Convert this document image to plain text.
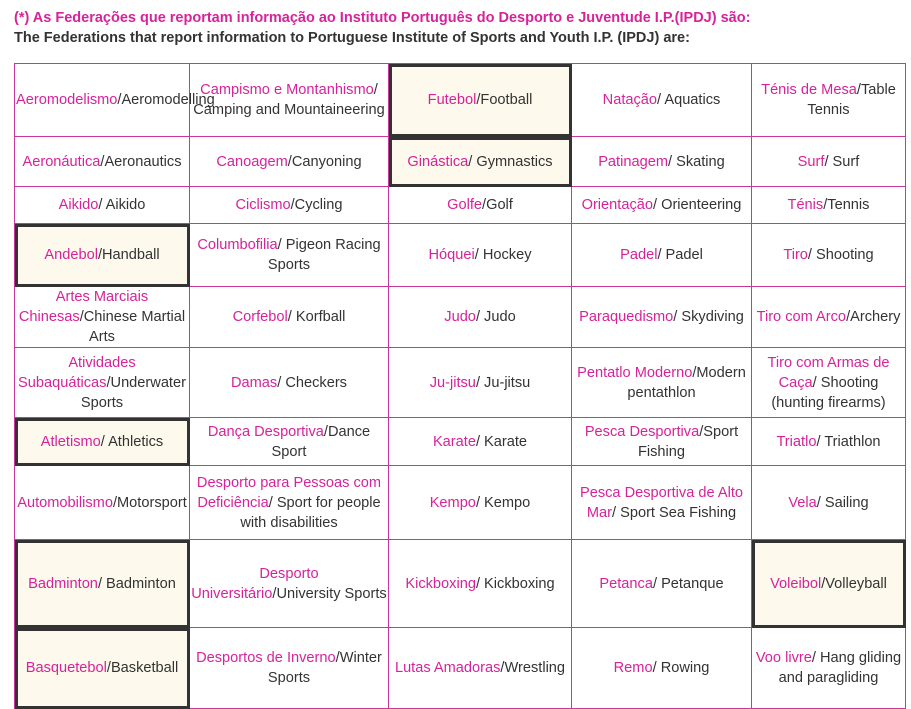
(*) As Federações que reportam informação ao Instituto Português do Desporto e Juventude I.P.(IPDJ) são:
The Federations that report information to Portuguese Institute of Sports and Youth I.P. (IPDJ) are:
Aeromodelismo/Aeromodelling	Campismo e Montanhismo/ Camping and Mountaineering	Futebol/Football	Natação/ Aquatics	Ténis de Mesa/Table Tennis
Aeronáutica/Aeronautics	Canoagem/Canyoning	Ginástica/ Gymnastics	Patinagem/ Skating	Surf/ Surf
Aikido/ Aikido	Ciclismo/Cycling	Golfe/Golf	Orientação/ Orienteering	Ténis/Tennis
Andebol/Handball	Columbofilia/ Pigeon Racing Sports	Hóquei/ Hockey	Padel/ Padel	Tiro/ Shooting
Artes Marciais Chinesas/Chinese Martial Arts	Corfebol/ Korfball	Judo/ Judo	Paraquedismo/ Skydiving	Tiro com Arco/Archery
Atividades Subaquáticas/Underwater Sports	Damas/ Checkers	Ju-jitsu/ Ju-jitsu	Pentatlo Moderno/Modern pentathlon	Tiro com Armas de Caça/ Shooting (hunting firearms)
Atletismo/ Athletics	Dança Desportiva/Dance Sport	Karate/ Karate	Pesca Desportiva/Sport Fishing	Triatlo/ Triathlon
Automobilismo/Motorsport	Desporto para Pessoas com Deficiência/ Sport for people with disabilities	Kempo/ Kempo	Pesca Desportiva de Alto Mar/ Sport Sea Fishing	Vela/ Sailing
Badminton/ Badminton	Desporto Universitário/University Sports	Kickboxing/ Kickboxing	Petanca/ Petanque	Voleibol/Volleyball
Basquetebol/Basketball	Desportos de Inverno/Winter Sports	Lutas Amadoras/Wrestling	Remo/ Rowing	Voo livre/ Hang gliding and paragliding
